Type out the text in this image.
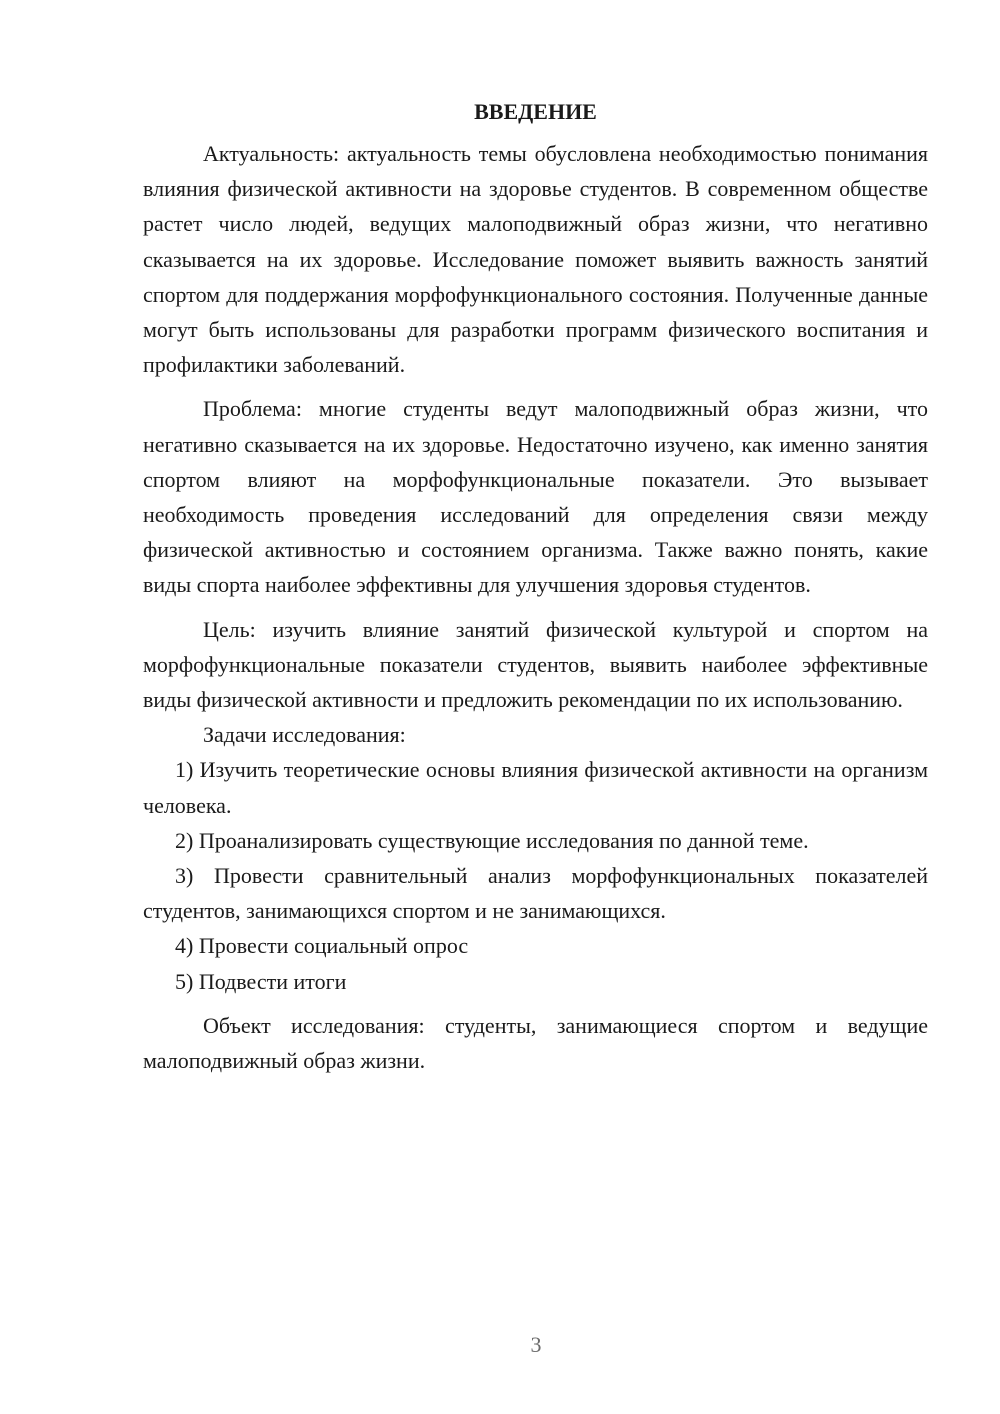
ВВЕДЕНИЕ

Актуальность: актуальность темы обусловлена необходимостью понимания влияния физической активности на здоровье студентов. В современном обществе растет число людей, ведущих малоподвижный образ жизни, что негативно сказывается на их здоровье. Исследование поможет выявить важность занятий спортом для поддержания морфофункционального состояния. Полученные данные могут быть использованы для разработки программ физического воспитания и профилактики заболеваний.

Проблема: многие студенты ведут малоподвижный образ жизни, что негативно сказывается на их здоровье. Недостаточно изучено, как именно занятия спортом влияют на морфофункциональные показатели. Это вызывает необходимость проведения исследований для определения связи между физической активностью и состоянием организма. Также важно понять, какие виды спорта наиболее эффективны для улучшения здоровья студентов.

Цель: изучить влияние занятий физической культурой и спортом на морфофункциональные показатели студентов, выявить наиболее эффективные виды физической активности и предложить рекомендации по их использованию.

Задачи исследования:

1) Изучить теоретические основы влияния физической активности на организм человека.

2) Проанализировать существующие исследования по данной теме.

3) Провести сравнительный анализ морфофункциональных показателей студентов, занимающихся спортом и не занимающихся.

4) Провести социальный опрос

5) Подвести итоги

Объект исследования: студенты, занимающиеся спортом и ведущие малоподвижный образ жизни.

3
